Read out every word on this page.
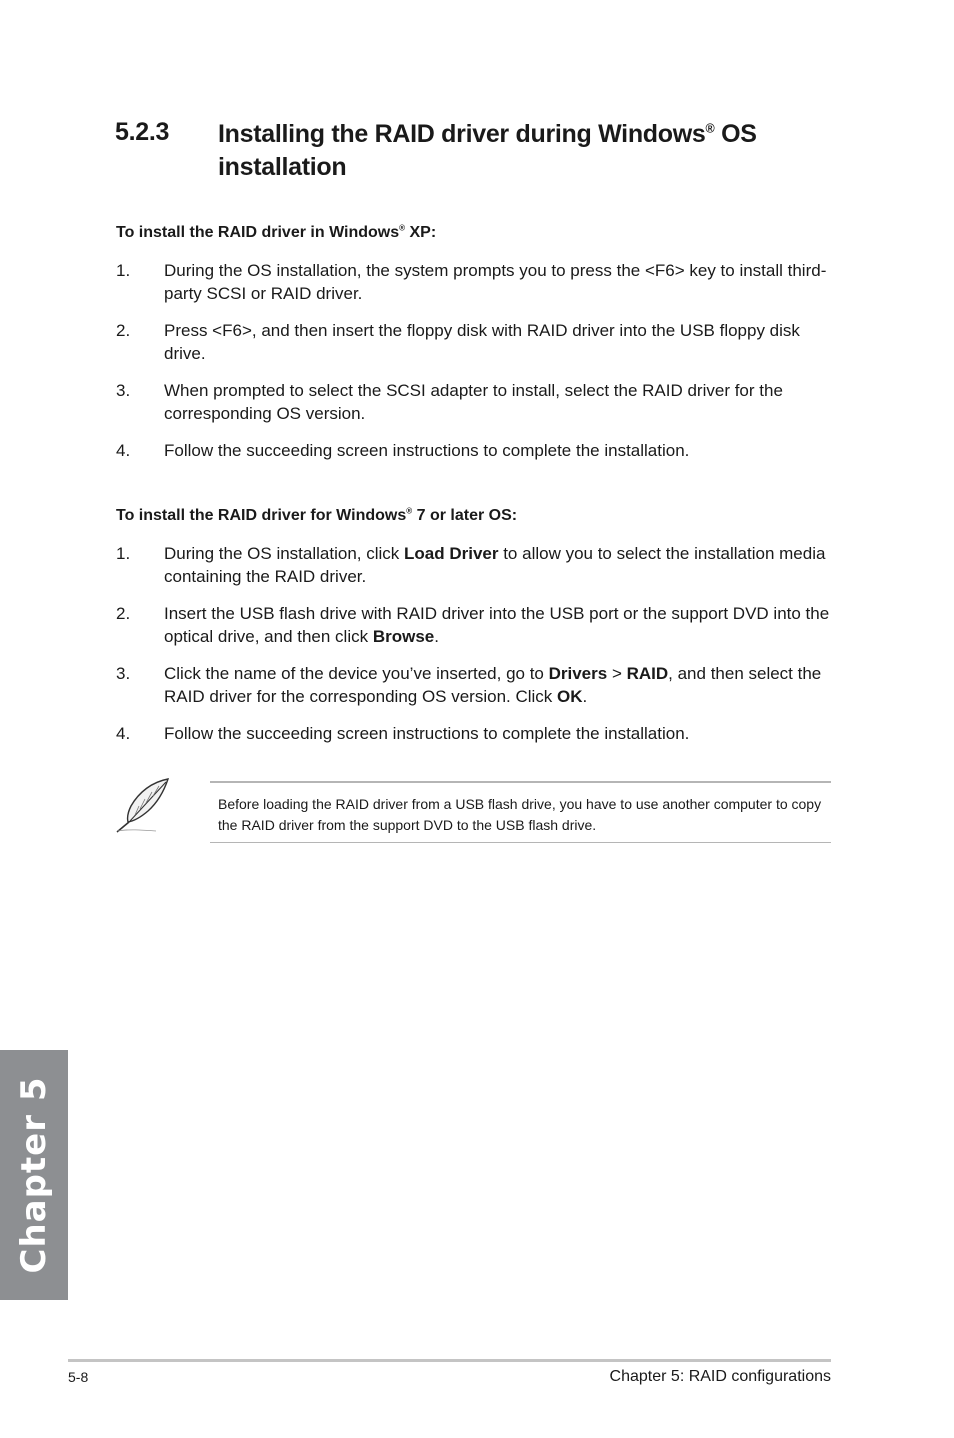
5.2.3 Installing the RAID driver during Windows® OS installation
To install the RAID driver in Windows® XP:
1.	During the OS installation, the system prompts you to press the <F6> key to install third-party SCSI or RAID driver.
2.	Press <F6>, and then insert the floppy disk with RAID driver into the USB floppy disk drive.
3.	When prompted to select the SCSI adapter to install, select the RAID driver for the corresponding OS version.
4.	Follow the succeeding screen instructions to complete the installation.
To install the RAID driver for Windows® 7 or later OS:
1.	During the OS installation, click Load Driver to allow you to select the installation media containing the RAID driver.
2.	Insert the USB flash drive with RAID driver into the USB port or the support DVD into the optical drive, and then click Browse.
3.	Click the name of the device you’ve inserted, go to Drivers > RAID, and then select the RAID driver for the corresponding OS version. Click OK.
4.	Follow the succeeding screen instructions to complete the installation.
Before loading the RAID driver from a USB flash drive, you have to use another computer to copy the RAID driver from the support DVD to the USB flash drive.
Chapter 5
5-8	Chapter 5: RAID configurations
